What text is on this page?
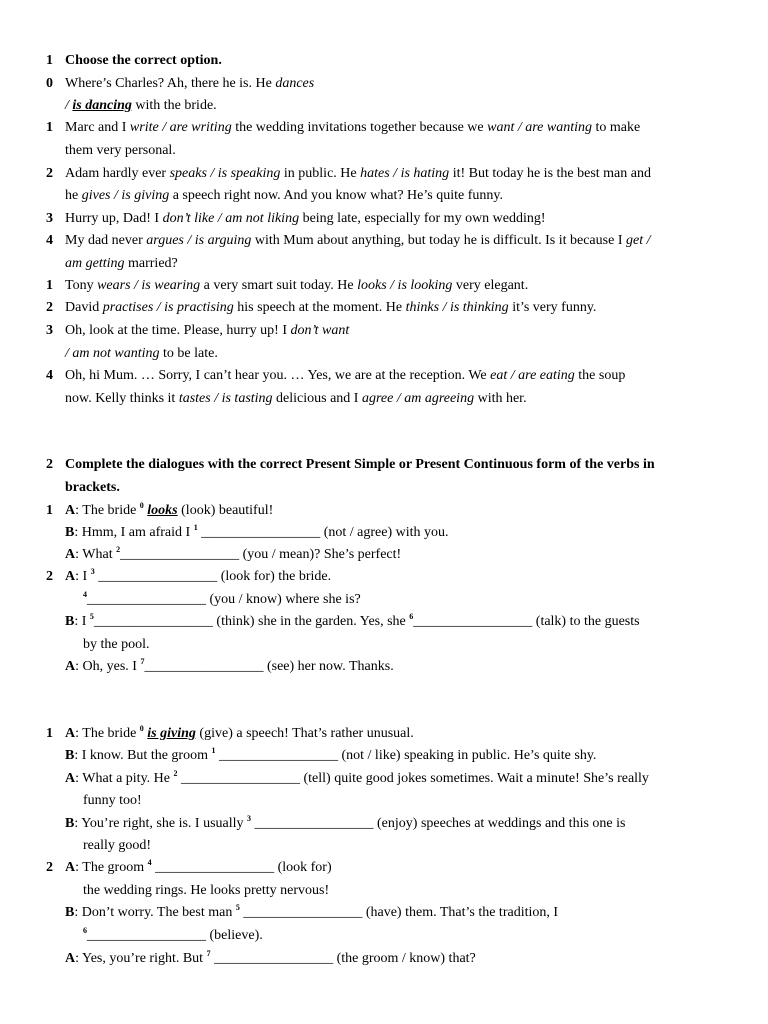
1 Choose the correct option.
0 Where’s Charles? Ah, there he is. He dances
/ is dancing with the bride.
1 Marc and I write / are writing the wedding invitations together because we want / are wanting to make
them very personal.
2 Adam hardly ever speaks / is speaking in public. He hates / is hating it! But today he is the best man and
he gives / is giving a speech right now. And you know what? He’s quite funny.
3 Hurry up, Dad! I don’t like / am not liking being late, especially for my own wedding!
4 My dad never argues / is arguing with Mum about anything, but today he is difficult. Is it because I get /
am getting married?
1 Tony wears / is wearing a very smart suit today. He looks / is looking very elegant.
2 David practises / is practising his speech at the moment. He thinks / is thinking it’s very funny.
3 Oh, look at the time. Please, hurry up! I don’t want
/ am not wanting to be late.
4 Oh, hi Mum. … Sorry, I can’t hear you. … Yes, we are at the reception. We eat / are eating the soup
now. Kelly thinks it tastes / is tasting delicious and I agree / am agreeing with her.
2 Complete the dialogues with the correct Present Simple or Present Continuous form of the verbs in
brackets.
1 A: The bride $^0$ looks (look) beautiful!
B: Hmm, I am afraid I $^1$ _________________ (not / agree) with you.
A: What $^2$_________________ (you / mean)? She’s perfect!
2 A: I $^3$ _________________ (look for) the bride.
$^4$_________________ (you / know) where she is?
B: I $^5$_________________ (think) she in the garden. Yes, she $^6$_________________ (talk) to the guests
by the pool.
A: Oh, yes. I $^7$_________________ (see) her now. Thanks.
1 A: The bride $^0$ is giving (give) a speech! That’s rather unusual.
B: I know. But the groom $^1$ _________________ (not / like) speaking in public. He’s quite shy.
A: What a pity. He $^2$ _________________ (tell) quite good jokes sometimes. Wait a minute! She’s really
funny too!
B: You’re right, she is. I usually $^3$ _________________ (enjoy) speeches at weddings and this one is
really good!
2 A: The groom $^4$ _________________ (look for)
the wedding rings. He looks pretty nervous!
B: Don’t worry. The best man $^5$ _________________ (have) them. That’s the tradition, I
$^6$_________________ (believe).
A: Yes, you’re right. But $^7$ _________________ (the groom / know) that?
